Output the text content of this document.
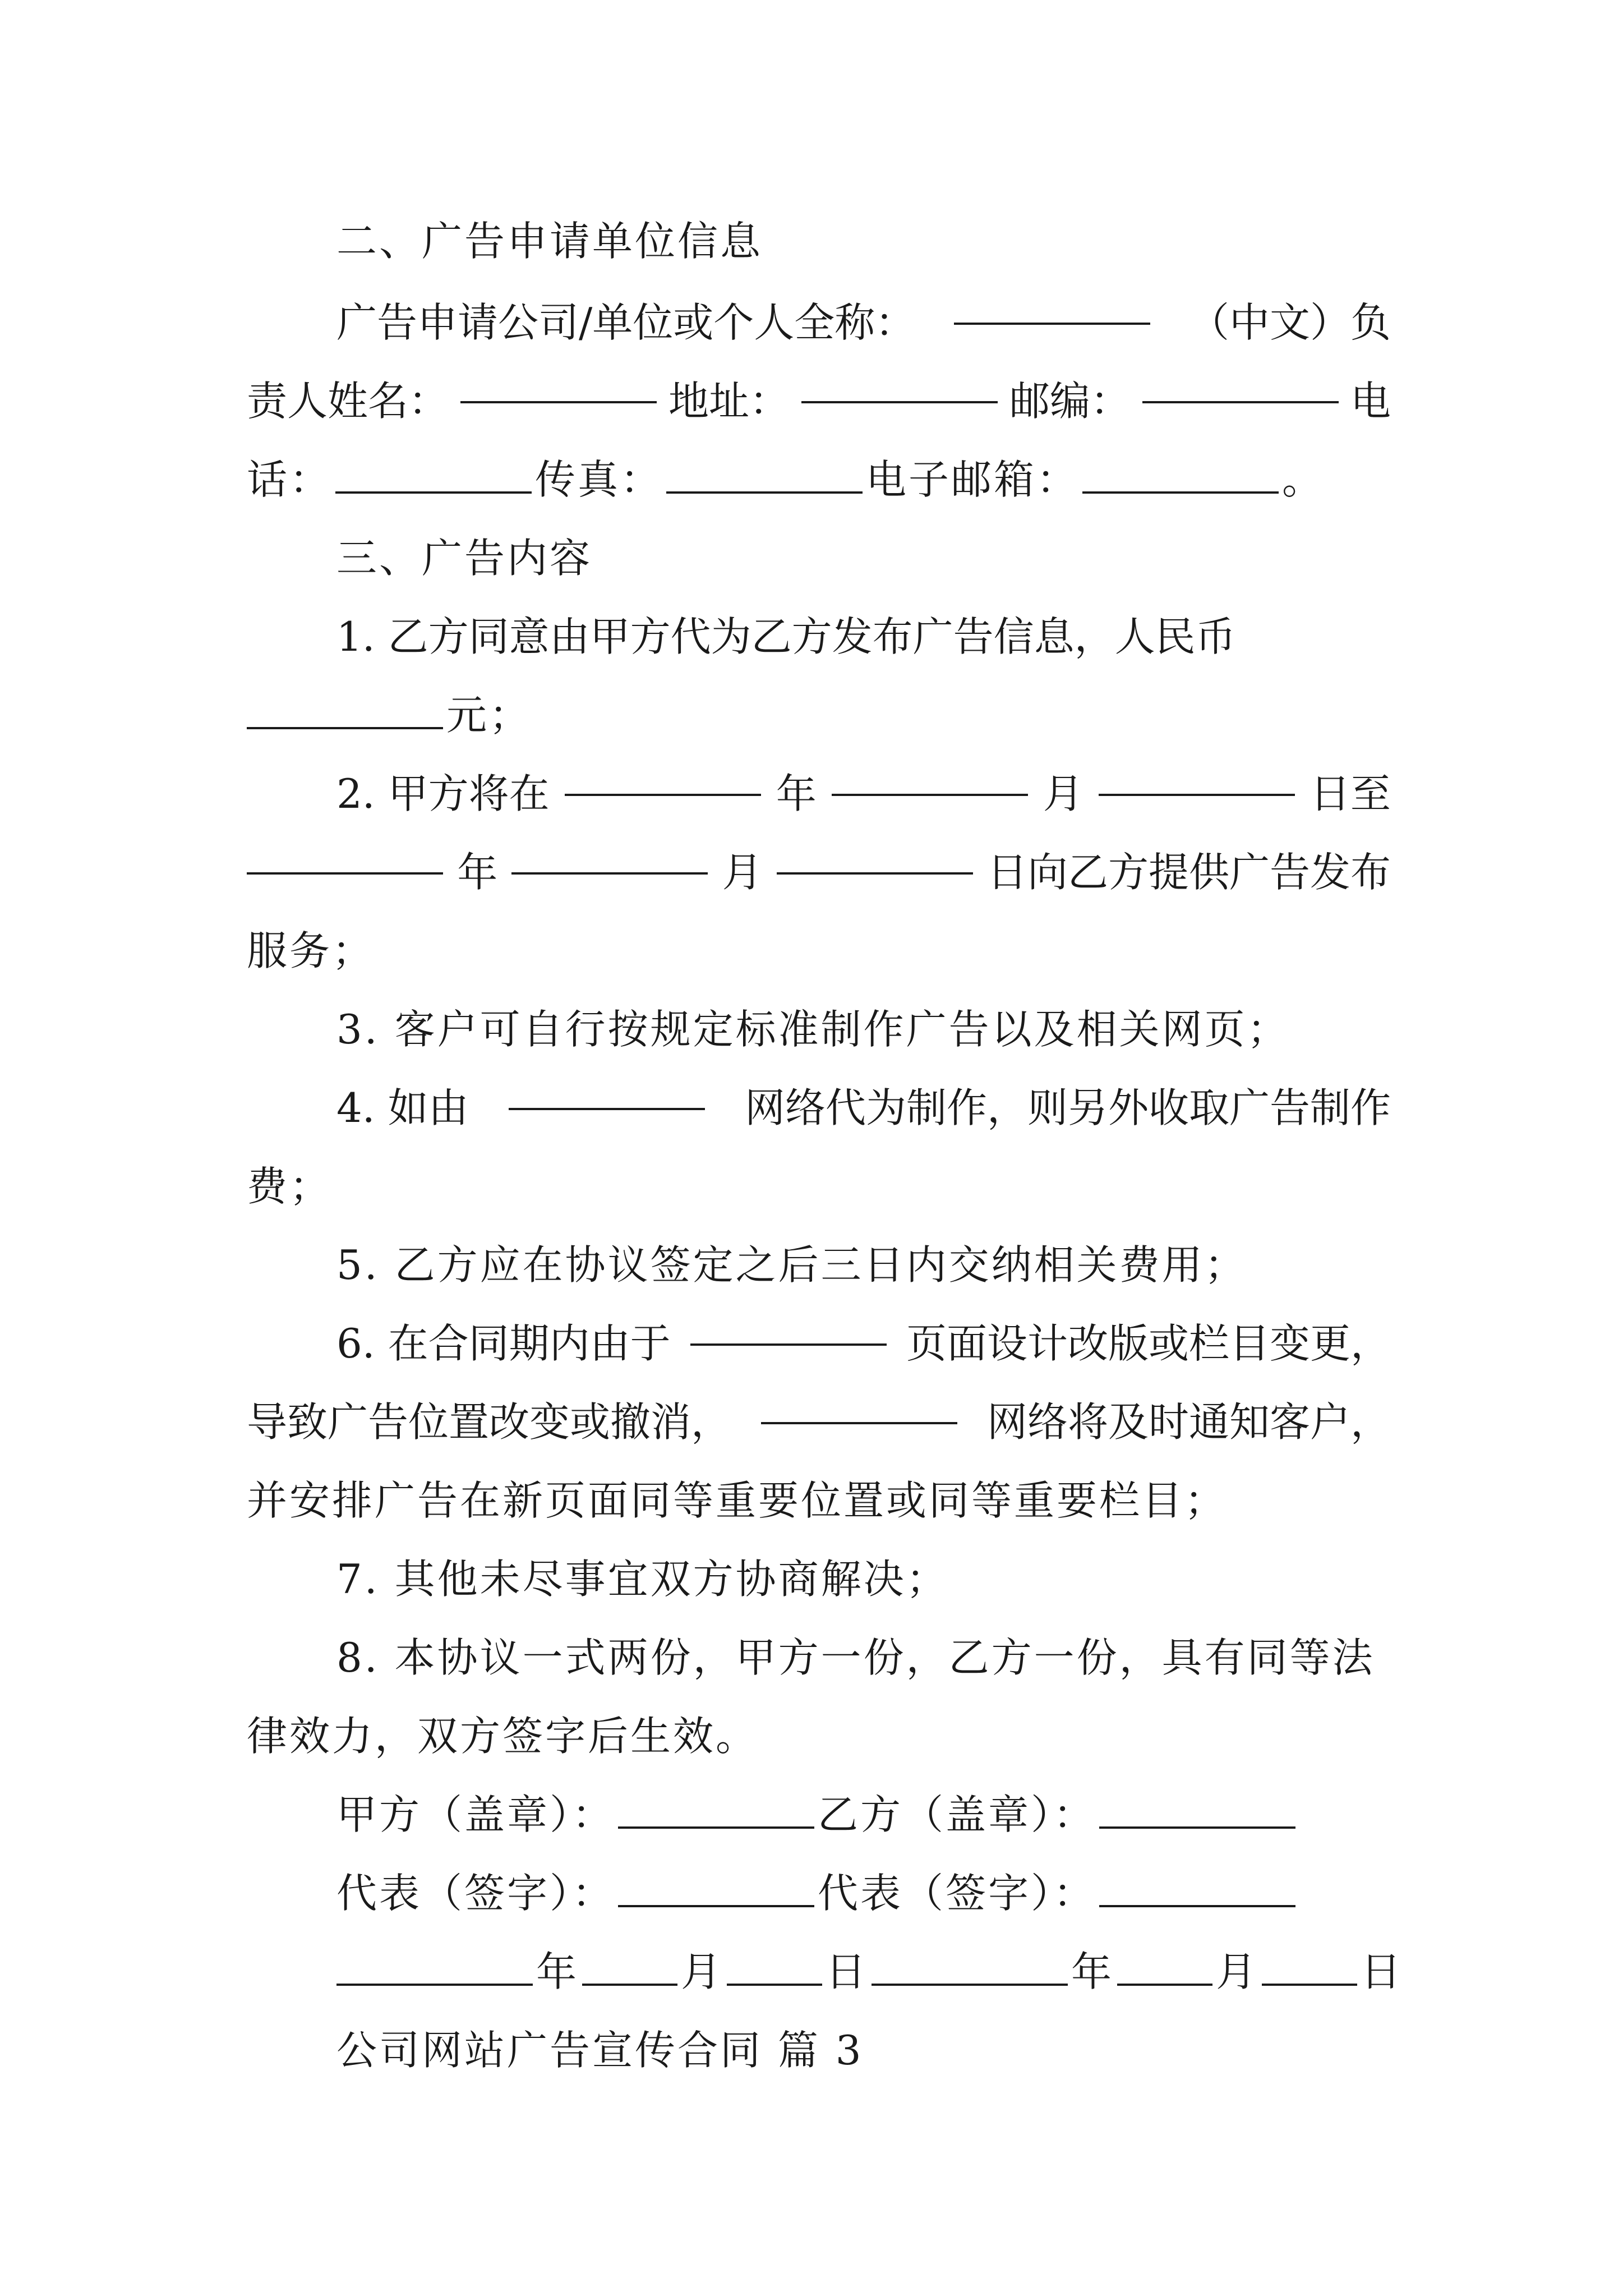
二、广告申请单位信息
广告申请公司/单位或个人全称：	（中文）负
责人姓名：	地址：	邮编：	电
话：	传真：	电子邮箱：	。
三、广告内容
1. 乙方同意由甲方代为乙方发布广告信息，人民币
元；
2. 甲方将在	年	月	日至
年	月	日向乙方提供广告发布
服务；
3. 客户可自行按规定标准制作广告以及相关网页；
4. 如由	网络代为制作，则另外收取广告制作
费；
5. 乙方应在协议签定之后三日内交纳相关费用；
6. 在合同期内由于	页面设计改版或栏目变更，
导致广告位置改变或撤消，	网络将及时通知客户，
并安排广告在新页面同等重要位置或同等重要栏目；
7. 其他未尽事宜双方协商解决；
8. 本协议一式两份，甲方一份，乙方一份，具有同等法
律效力，双方签字后生效。
甲方（盖章）：	乙方（盖章）：
代表（签字）：	代表（签字）：
年	月	日	年	月	日
公司网站广告宣传合同 篇 3
